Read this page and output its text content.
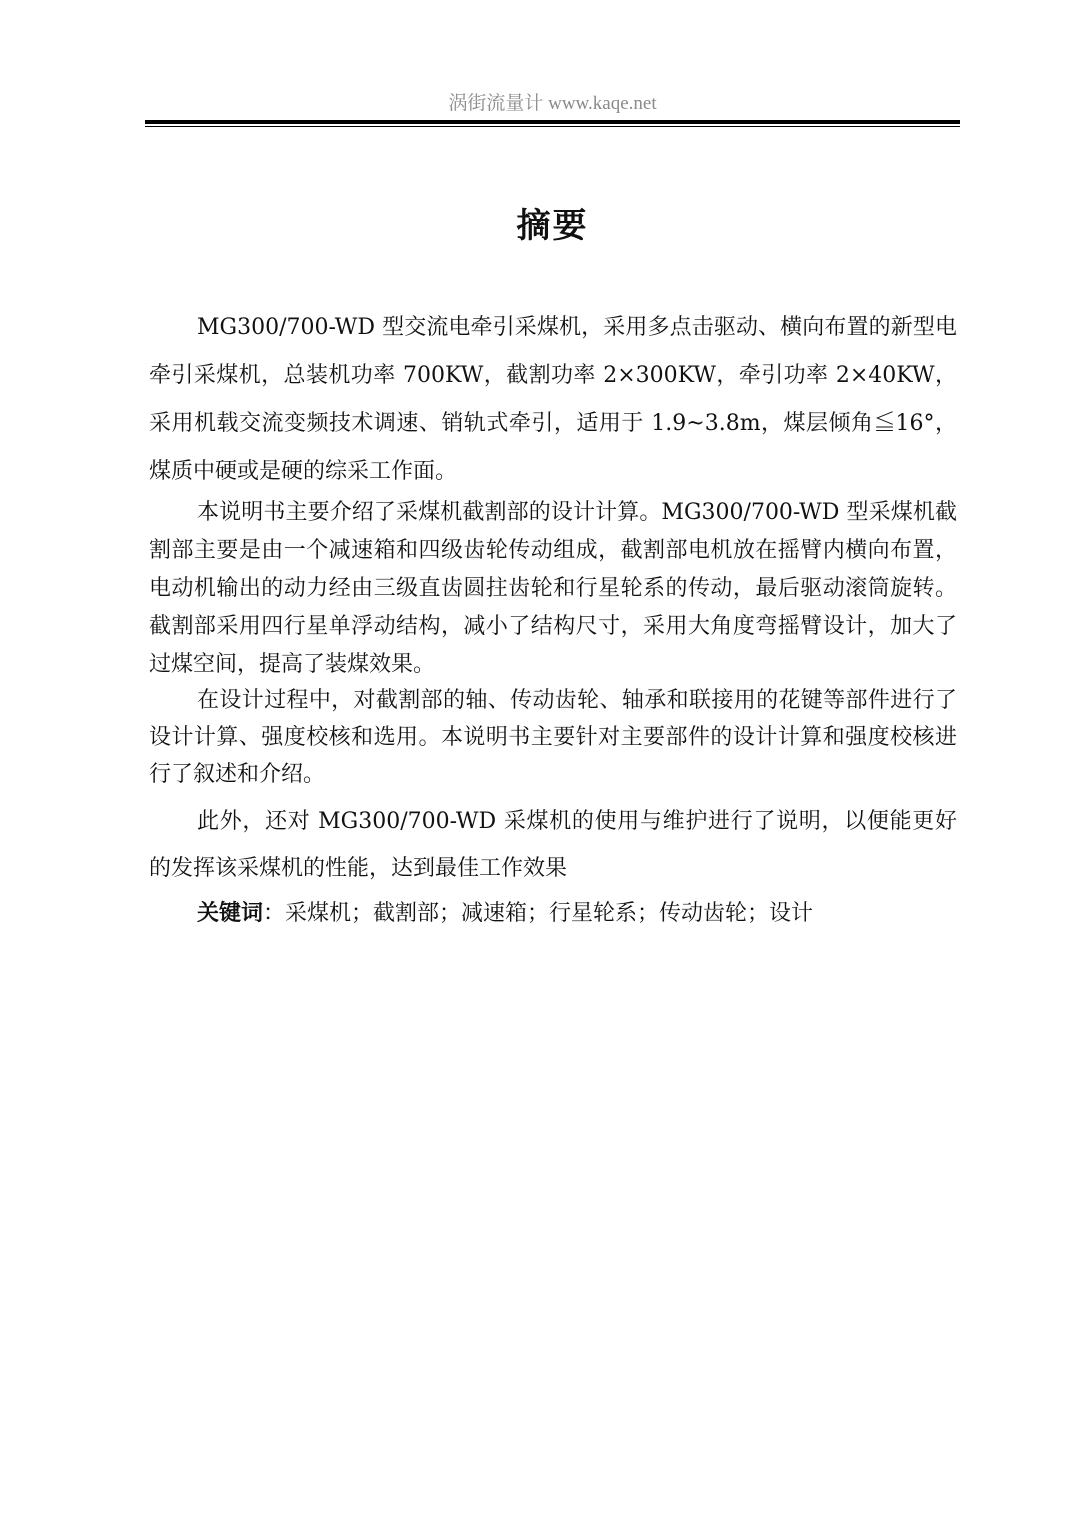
涡街流量计 www.kaqe.net
摘要

MG300/700-WD 型交流电牵引采煤机，采用多点击驱动、横向布置的新型电牵引采煤机，总装机功率 700KW，截割功率 2×300KW，牵引功率 2×40KW，采用机载交流变频技术调速、销轨式牵引，适用于 1.9~3.8m，煤层倾角≦16°，煤质中硬或是硬的综采工作面。

本说明书主要介绍了采煤机截割部的设计计算。MG300/700-WD 型采煤机截割部主要是由一个减速箱和四级齿轮传动组成，截割部电机放在摇臂内横向布置，电动机输出的动力经由三级直齿圆拄齿轮和行星轮系的传动，最后驱动滚筒旋转。截割部采用四行星单浮动结构，减小了结构尺寸，采用大角度弯摇臂设计，加大了过煤空间，提高了装煤效果。

在设计过程中，对截割部的轴、传动齿轮、轴承和联接用的花键等部件进行了设计计算、强度校核和选用。本说明书主要针对主要部件的设计计算和强度校核进行了叙述和介绍。

此外，还对 MG300/700-WD 采煤机的使用与维护进行了说明，以便能更好的发挥该采煤机的性能，达到最佳工作效果

关键词：采煤机；截割部；减速箱；行星轮系；传动齿轮；设计
